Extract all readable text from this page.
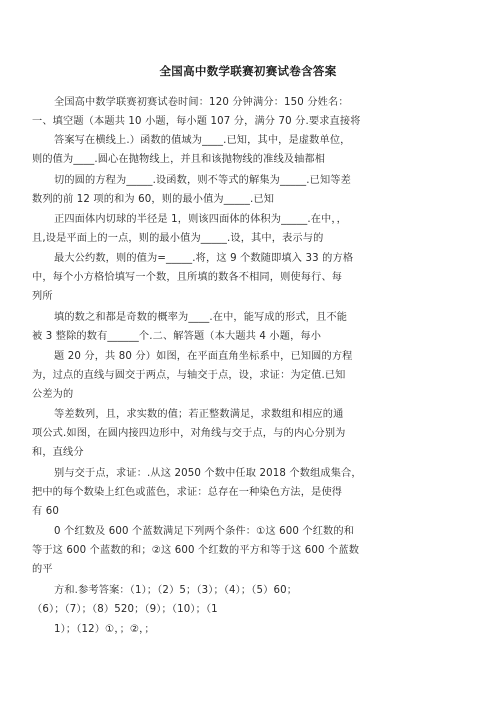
全国高中数学联赛初赛试卷含答案
全国高中数学联赛初赛试卷时间：120 分钟满分：150 分姓名：
一、填空题（本题共 10 小题，每小题 107 分，满分 70 分.要求直接将
答案写在横线上.）函数的值域为____.已知，其中，是虚数单位，
则的值为____.圆心在抛物线上，并且和该抛物线的准线及轴都相
切的圆的方程为_____.设函数，则不等式的解集为_____.已知等差
数列的前 12 项的和为 60，则的最小值为_____.已知
正四面体内切球的半径是 1，则该四面体的体积为_____.在中，，
且,设是平面上的一点，则的最小值为_____.设，其中，表示与的
最大公约数，则的值为=_____.将，这 9 个数随即填入 33 的方格
中，每个小方格恰填写一个数，且所填的数各不相同，则使每行、每
列所
填的数之和都是奇数的概率为____.在中，能写成的形式，且不能
被 3 整除的数有______个.二、解答题（本大题共 4 小题，每小
题 20 分，共 80 分）如图，在平面直角坐标系中，已知圆的方程
为，过点的直线与圆交于两点，与轴交于点，设，求证：为定值.已知
公差为的
等差数列，且，求实数的值；若正整数满足，求数组和相应的通
项公式.如图，在圆内接四边形中，对角线与交于点，与的内心分别为
和，直线分
别与交于点，求证：.从这 2050 个数中任取 2018 个数组成集合，
把中的每个数染上红色或蓝色，求证：总存在一种染色方法，是使得
有 60
0 个红数及 600 个蓝数满足下列两个条件：①这 600 个红数的和
等于这 600 个蓝数的和；②这 600 个红数的平方和等于这 600 个蓝数
的平
方和.参考答案：（1）；（2）5；（3）；（4）；（5）60；
（6）；（7）；（8）520；（9）；（10）；（1
1）；（12）①，；②，；
